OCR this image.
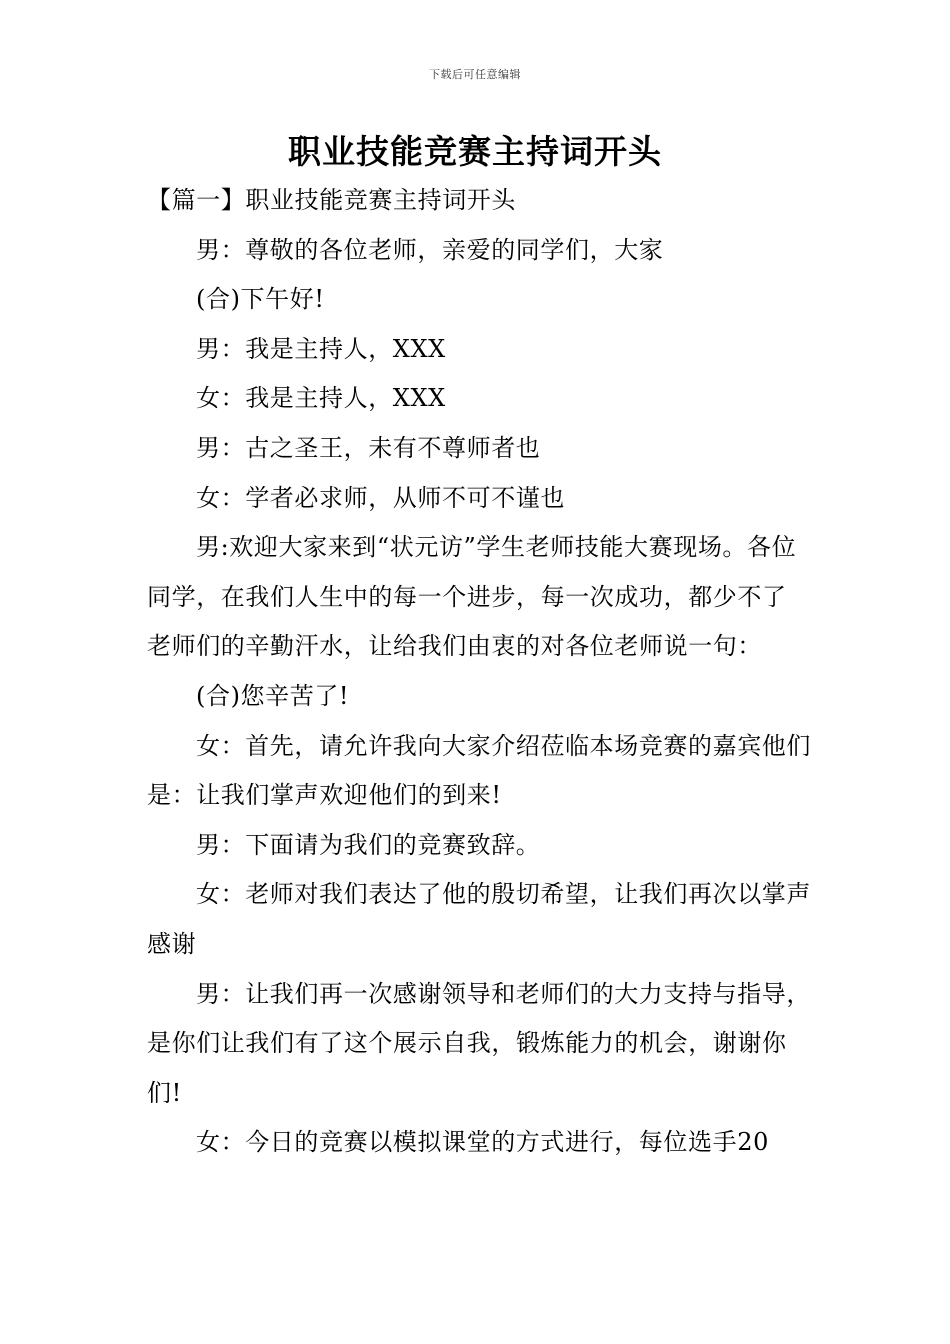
下载后可任意编辑
职业技能竞赛主持词开头

【篇一】职业技能竞赛主持词开头

男：尊敬的各位老师，亲爱的同学们，大家

(合)下午好!

男：我是主持人，XXX

女：我是主持人，XXX

男：古之圣王，未有不尊师者也

女：学者必求师，从师不可不谨也

男:欢迎大家来到“状元访”学生老师技能大赛现场。各位同学，在我们人生中的每一个进步，每一次成功，都少不了老师们的辛勤汗水，让给我们由衷的对各位老师说一句：

(合)您辛苦了!

女：首先，请允许我向大家介绍莅临本场竞赛的嘉宾他们是：让我们掌声欢迎他们的到来!

男：下面请为我们的竞赛致辞。

女：老师对我们表达了他的殷切希望，让我们再次以掌声感谢

男：让我们再一次感谢领导和老师们的大力支持与指导，是你们让我们有了这个展示自我，锻炼能力的机会，谢谢你们!

女：今日的竞赛以模拟课堂的方式进行，每位选手20
